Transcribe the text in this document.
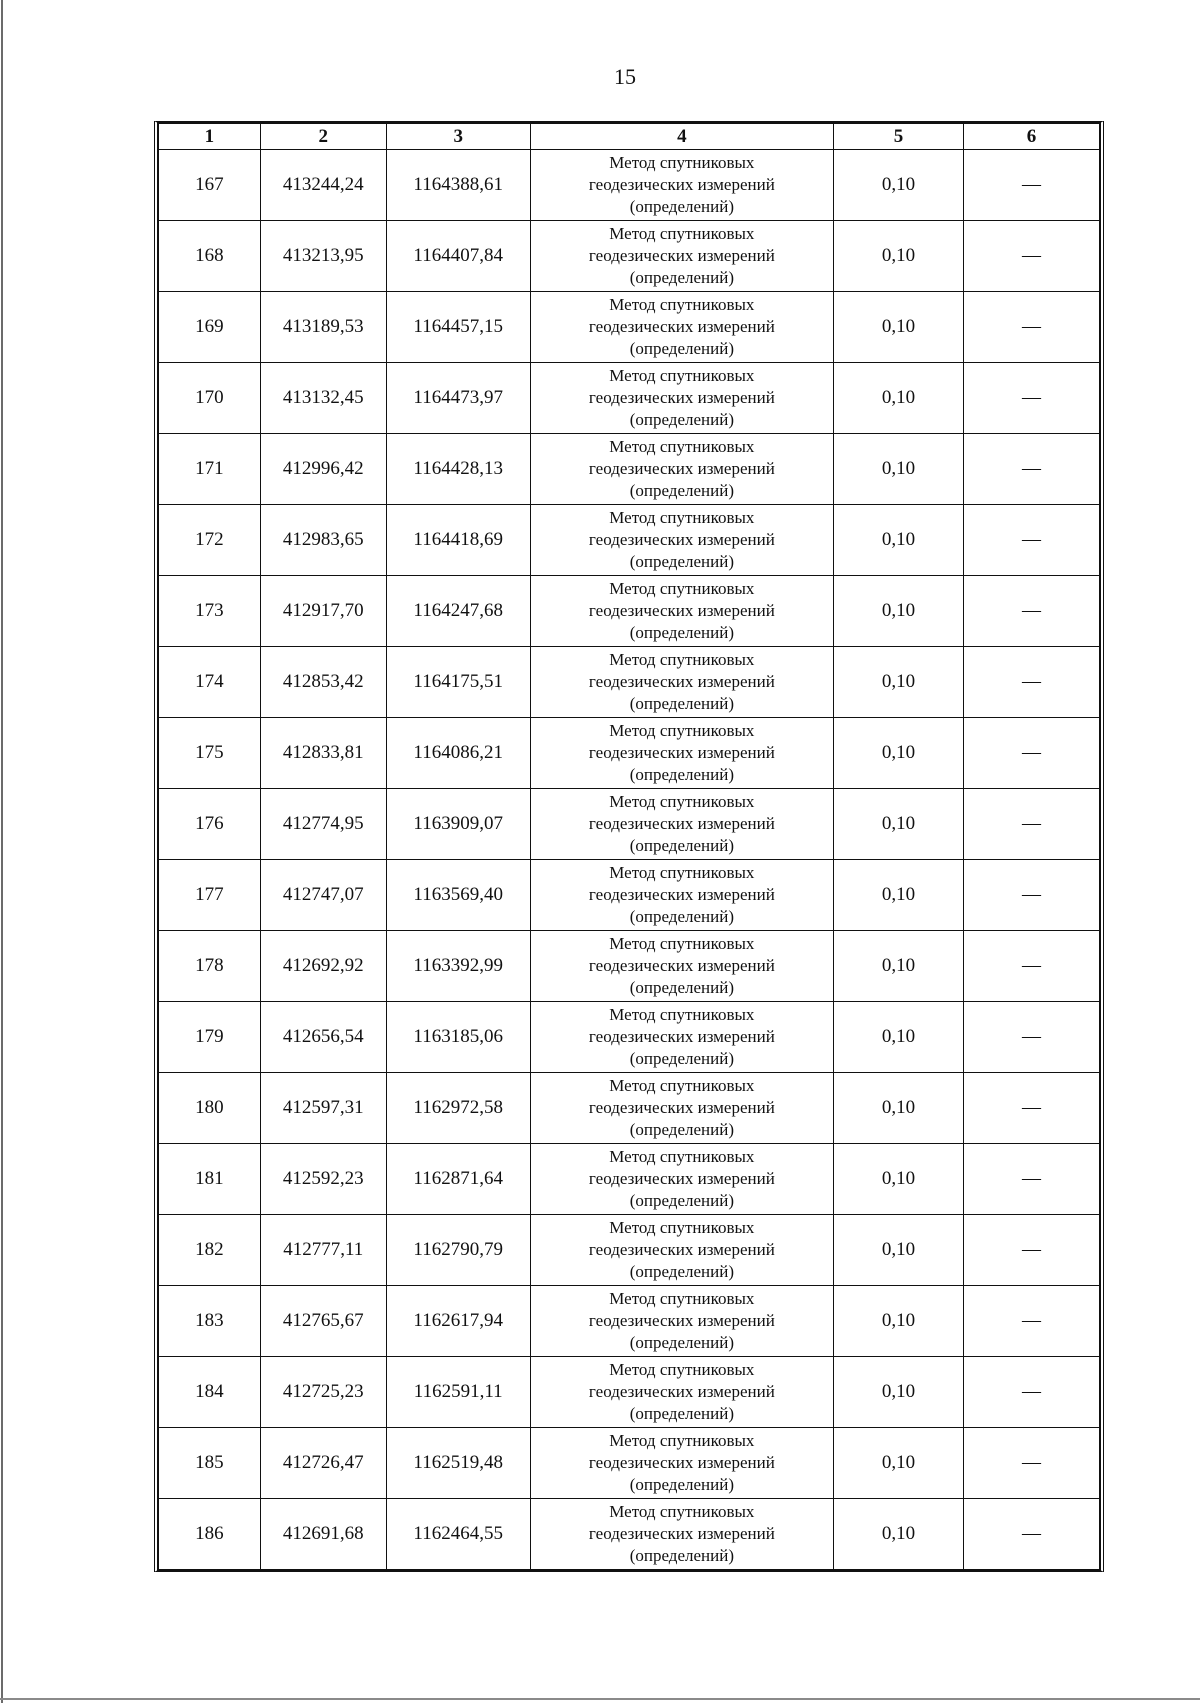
15
1	2	3	4	5	6
167	413244,24	1164388,61	Метод спутниковых
геодезических измерений
(определений)	0,10	—
168	413213,95	1164407,84	Метод спутниковых
геодезических измерений
(определений)	0,10	—
169	413189,53	1164457,15	Метод спутниковых
геодезических измерений
(определений)	0,10	—
170	413132,45	1164473,97	Метод спутниковых
геодезических измерений
(определений)	0,10	—
171	412996,42	1164428,13	Метод спутниковых
геодезических измерений
(определений)	0,10	—
172	412983,65	1164418,69	Метод спутниковых
геодезических измерений
(определений)	0,10	—
173	412917,70	1164247,68	Метод спутниковых
геодезических измерений
(определений)	0,10	—
174	412853,42	1164175,51	Метод спутниковых
геодезических измерений
(определений)	0,10	—
175	412833,81	1164086,21	Метод спутниковых
геодезических измерений
(определений)	0,10	—
176	412774,95	1163909,07	Метод спутниковых
геодезических измерений
(определений)	0,10	—
177	412747,07	1163569,40	Метод спутниковых
геодезических измерений
(определений)	0,10	—
178	412692,92	1163392,99	Метод спутниковых
геодезических измерений
(определений)	0,10	—
179	412656,54	1163185,06	Метод спутниковых
геодезических измерений
(определений)	0,10	—
180	412597,31	1162972,58	Метод спутниковых
геодезических измерений
(определений)	0,10	—
181	412592,23	1162871,64	Метод спутниковых
геодезических измерений
(определений)	0,10	—
182	412777,11	1162790,79	Метод спутниковых
геодезических измерений
(определений)	0,10	—
183	412765,67	1162617,94	Метод спутниковых
геодезических измерений
(определений)	0,10	—
184	412725,23	1162591,11	Метод спутниковых
геодезических измерений
(определений)	0,10	—
185	412726,47	1162519,48	Метод спутниковых
геодезических измерений
(определений)	0,10	—
186	412691,68	1162464,55	Метод спутниковых
геодезических измерений
(определений)	0,10	—
